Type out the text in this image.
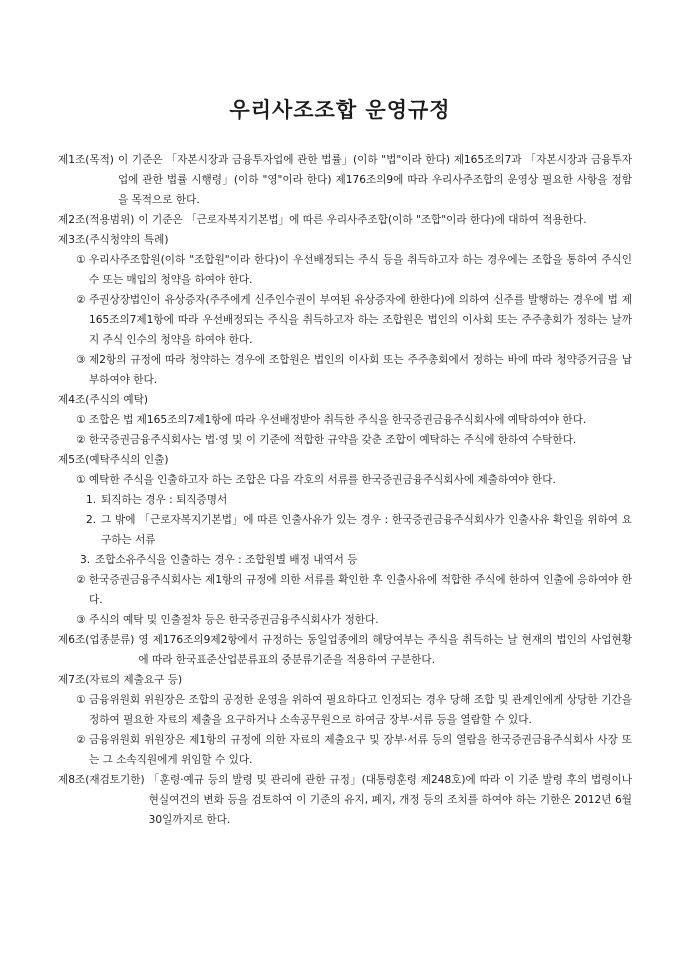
우리사조조합 운영규정
제1조(목적) 이 기준은 「자본시장과 금융투자업에 관한 법률」(이하 "법"이라 한다) 제165조의7과 「자본시장과 금융투자업에 관한 법률 시행령」(이하 "영"이라 한다) 제176조의9에 따라 우리사주조합의 운영상 필요한 사항을 정함을 목적으로 한다.
제2조(적용범위) 이 기준은 「근로자복지기본법」에 따른 우리사주조합(이하 "조합"이라 한다)에 대하여 적용한다.
제3조(주식청약의 특례)
① 우리사주조합원(이하 "조합원"이라 한다)이 우선배정되는 주식 등을 취득하고자 하는 경우에는 조합을 통하여 주식인수 또는 매입의 청약을 하여야 한다.
② 주권상장법인이 유상증자(주주에게 신주인수권이 부여된 유상증자에 한한다)에 의하여 신주를 발행하는 경우에 법 제165조의7제1항에 따라 우선배정되는 주식을 취득하고자 하는 조합원은 법인의 이사회 또는 주주총회가 정하는 날까지 주식 인수의 청약을 하여야 한다.
③ 제2항의 규정에 따라 청약하는 경우에 조합원은 법인의 이사회 또는 주주총회에서 정하는 바에 따라 청약증거금을 납부하여야 한다.
제4조(주식의 예탁)
① 조합은 법 제165조의7제1항에 따라 우선배정받아 취득한 주식을 한국증권금융주식회사에 예탁하여야 한다.
② 한국증권금융주식회사는 법·영 및 이 기준에 적합한 규약을 갖춘 조합이 예탁하는 주식에 한하여 수탁한다.
제5조(예탁주식의 인출)
① 예탁한 주식을 인출하고자 하는 조합은 다음 각호의 서류를 한국증권금융주식회사에 제출하여야 한다.
1. 퇴직하는 경우 : 퇴직증명서
2. 그 밖에 「근로자복지기본법」에 따른 인출사유가 있는 경우 : 한국증권금융주식회사가 인출사유 확인을 위하여 요구하는 서류
3. 조합소유주식을 인출하는 경우 : 조합원별 배정 내역서 등
② 한국증권금융주식회사는 제1항의 규정에 의한 서류를 확인한 후 인출사유에 적합한 주식에 한하여 인출에 응하여야 한다.
③ 주식의 예탁 및 인출절차 등은 한국증권금융주식회사가 정한다.
제6조(업종분류) 영 제176조의9제2항에서 규정하는 동일업종에의 해당여부는 주식을 취득하는 날 현재의 법인의 사업현황에 따라 한국표준산업분류표의 중분류기준을 적용하여 구분한다.
제7조(자료의 제출요구 등)
① 금융위원회 위원장은 조합의 공정한 운영을 위하여 필요하다고 인정되는 경우 당해 조합 및 관계인에게 상당한 기간을 정하여 필요한 자료의 제출을 요구하거나 소속공무원으로 하여금 장부·서류 등을 열람할 수 있다.
② 금융위원회 위원장은 제1항의 규정에 의한 자료의 제출요구 및 장부·서류 등의 열람을 한국증권금융주식회사 사장 또는 그 소속직원에게 위임할 수 있다.
제8조(재검토기한) 「훈령·예규 등의 발령 및 관리에 관한 규정」(대통령훈령 제248호)에 따라 이 기준 발령 후의 법령이나 현실여건의 변화 등을 검토하여 이 기준의 유지, 폐지, 개정 등의 조치를 하여야 하는 기한은 2012년 6월 30일까지로 한다.
